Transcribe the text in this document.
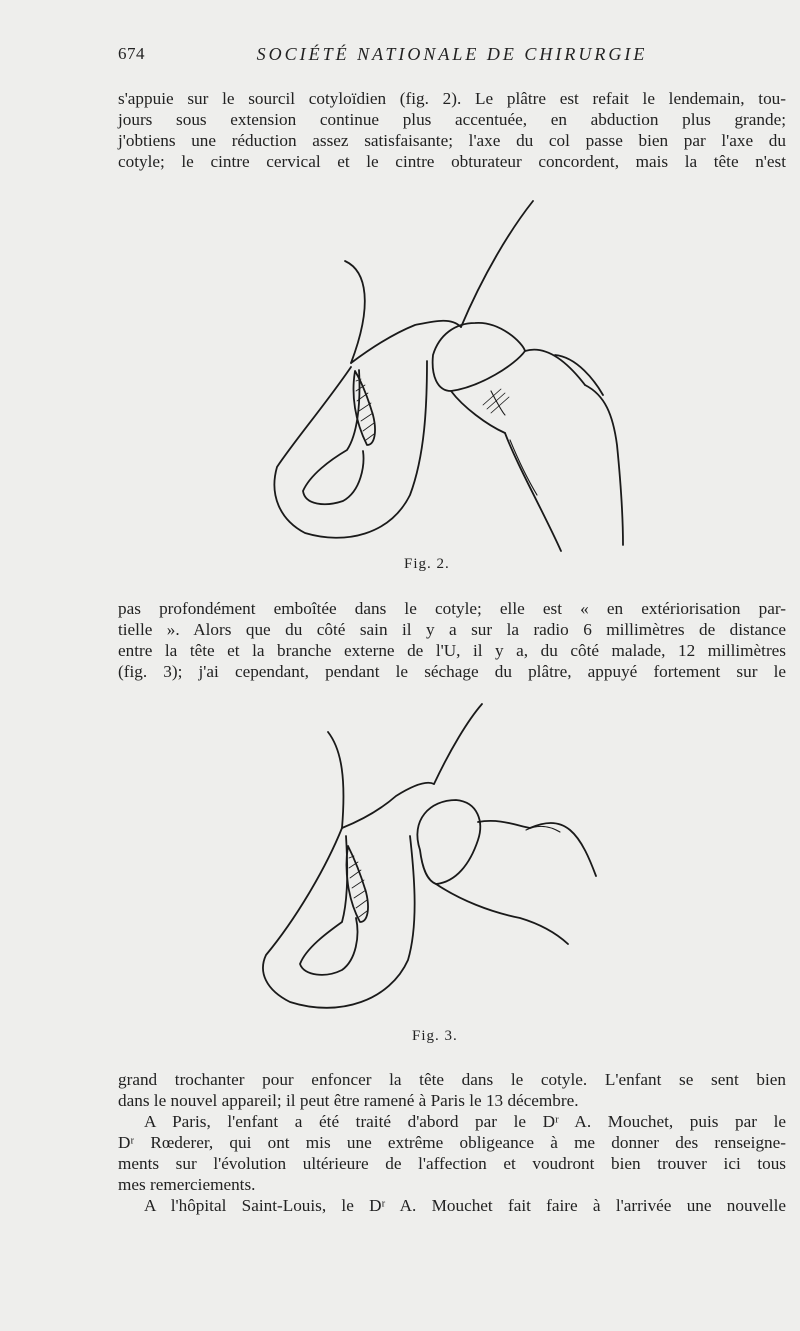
674	SOCIÉTÉ NATIONALE DE CHIRURGIE
s'appuie sur le sourcil cotyloïdien (fig. 2). Le plâtre est refait le lendemain, tou-
jours sous extension continue plus accentuée, en abduction plus grande;
j'obtiens une réduction assez satisfaisante; l'axe du col passe bien par l'axe du
cotyle; le cintre cervical et le cintre obturateur concordent, mais la tête n'est
Fig. 2.
pas profondément emboîtée dans le cotyle; elle est « en extériorisation par-
tielle ». Alors que du côté sain il y a sur la radio 6 millimètres de distance
entre la tête et la branche externe de l'U, il y a, du côté malade, 12 millimètres
(fig. 3); j'ai cependant, pendant le séchage du plâtre, appuyé fortement sur le
Fig. 3.
grand trochanter pour enfoncer la tête dans le cotyle. L'enfant se sent bien
dans le nouvel appareil; il peut être ramené à Paris le 13 décembre.
A Paris, l'enfant a été traité d'abord par le Dʳ A. Mouchet, puis par le
Dʳ Rœderer, qui ont mis une extrême obligeance à me donner des renseigne-
ments sur l'évolution ultérieure de l'affection et voudront bien trouver ici tous
mes remerciements.
A l'hôpital Saint-Louis, le Dʳ A. Mouchet fait faire à l'arrivée une nouvelle
